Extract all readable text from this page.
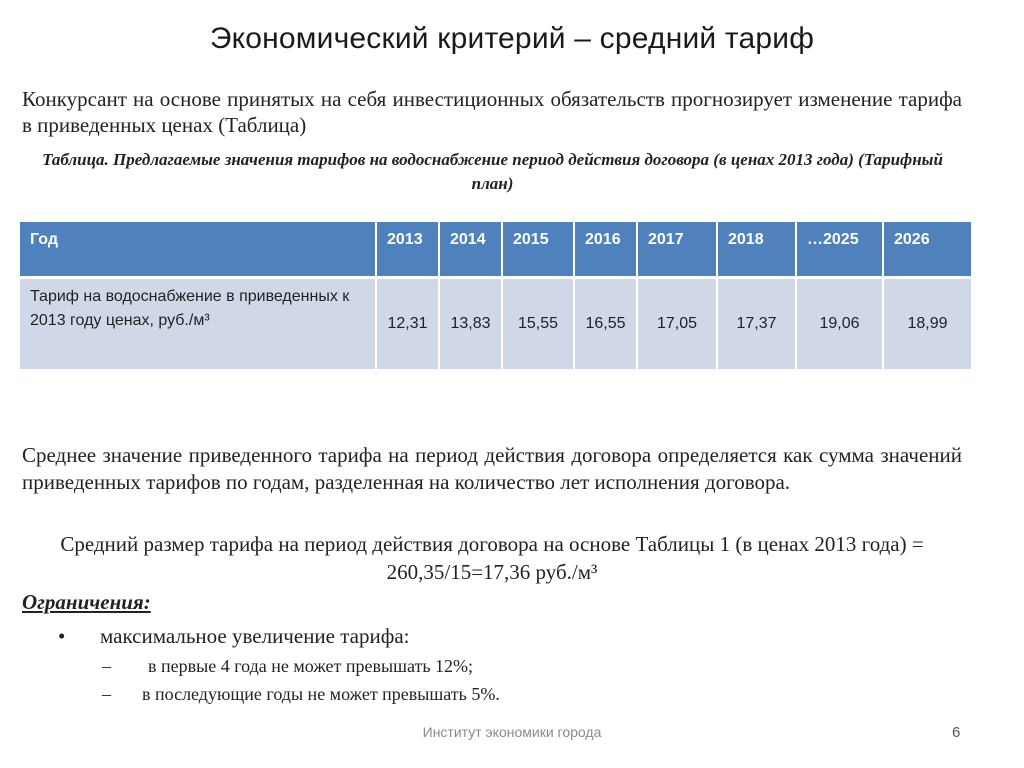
Экономический критерий – средний тариф
Конкурсант на основе принятых на себя инвестиционных обязательств прогнозирует изменение тарифа в приведенных ценах (Таблица)
Таблица. Предлагаемые значения тарифов на водоснабжение период действия договора (в ценах 2013 года) (Тарифный план)
Год	2013	2014	2015	2016	2017	2018	…2025	2026
Тариф на водоснабжение в приведенных к 2013 году ценах, руб./м³	12,31	13,83	15,55	16,55	17,05	17,37	19,06	18,99
Среднее значение приведенного тарифа на период действия договора определяется как сумма значений приведенных тарифов по годам, разделенная на количество лет исполнения договора.
Средний размер тарифа на период действия договора на основе Таблицы 1 (в ценах 2013 года) = 260,35/15=17,36 руб./м³
Ограничения:
• максимальное увеличение тарифа:
– в первые 4 года не может превышать 12%;
– в последующие годы не может превышать 5%.
Институт экономики города	6
